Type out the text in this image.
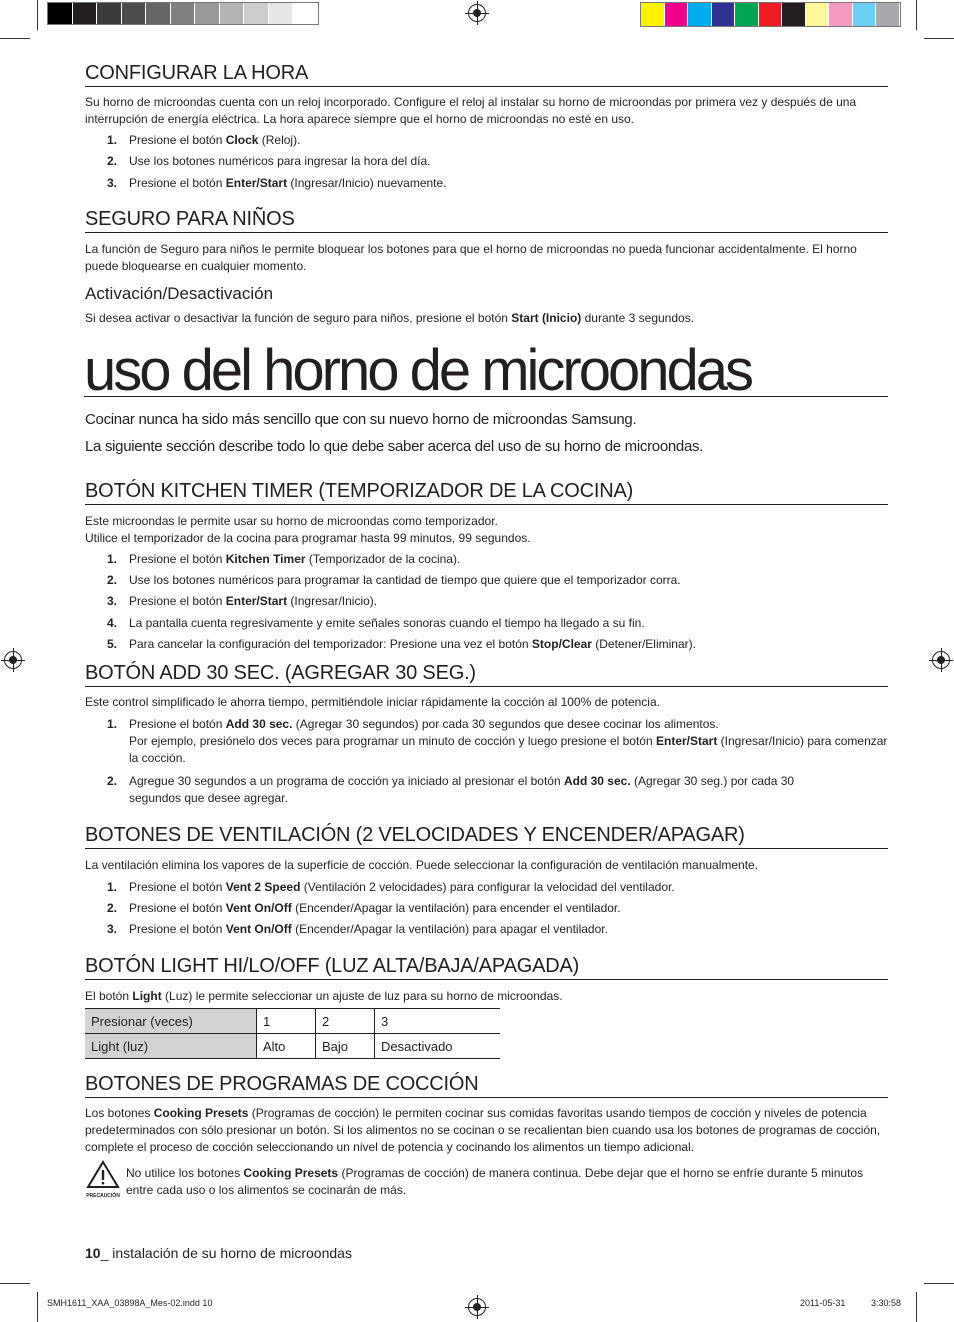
CONFIGURAR LA HORA
Su horno de microondas cuenta con un reloj incorporado. Configure el reloj al instalar su horno de microondas por primera vez y después de una interrupción de energía eléctrica. La hora aparece siempre que el horno de microondas no esté en uso.
1. Presione el botón Clock (Reloj).
2. Use los botones numéricos para ingresar la hora del día.
3. Presione el botón Enter/Start (Ingresar/Inicio) nuevamente.
SEGURO PARA NIÑOS
La función de Seguro para niños le permite bloquear los botones para que el horno de microondas no pueda funcionar accidentalmente. El horno puede bloquearse en cualquier momento.
Activación/Desactivación
Si desea activar o desactivar la función de seguro para niños, presione el botón Start (Inicio) durante 3 segundos.
uso del horno de microondas
Cocinar nunca ha sido más sencillo que con su nuevo horno de microondas Samsung.
La siguiente sección describe todo lo que debe saber acerca del uso de su horno de microondas.
BOTÓN KITCHEN TIMER (TEMPORIZADOR DE LA COCINA)
Este microondas le permite usar su horno de microondas como temporizador.
Utilice el temporizador de la cocina para programar hasta 99 minutos, 99 segundos.
1. Presione el botón Kitchen Timer (Temporizador de la cocina).
2. Use los botones numéricos para programar la cantidad de tiempo que quiere que el temporizador corra.
3. Presione el botón Enter/Start (Ingresar/Inicio).
4. La pantalla cuenta regresivamente y emite señales sonoras cuando el tiempo ha llegado a su fin.
5. Para cancelar la configuración del temporizador: Presione una vez el botón Stop/Clear (Detener/Eliminar).
BOTÓN ADD 30 SEC. (AGREGAR 30 SEG.)
Este control simplificado le ahorra tiempo, permitiéndole iniciar rápidamente la cocción al 100% de potencia.
1. Presione el botón Add 30 sec. (Agregar 30 segundos) por cada 30 segundos que desee cocinar los alimentos.
Por ejemplo, presiónelo dos veces para programar un minuto de cocción y luego presione el botón Enter/Start (Ingresar/Inicio) para comenzar la cocción.
2. Agregue 30 segundos a un programa de cocción ya iniciado al presionar el botón Add 30 sec. (Agregar 30 seg.) por cada 30 segundos que desee agregar.
BOTONES DE VENTILACIÓN (2 VELOCIDADES Y ENCENDER/APAGAR)
La ventilación elimina los vapores de la superficie de cocción. Puede seleccionar la configuración de ventilación manualmente.
1. Presione el botón Vent 2 Speed (Ventilación 2 velocidades) para configurar la velocidad del ventilador.
2. Presione el botón Vent On/Off (Encender/Apagar la ventilación) para encender el ventilador.
3. Presione el botón Vent On/Off (Encender/Apagar la ventilación) para apagar el ventilador.
BOTÓN LIGHT HI/LO/OFF (LUZ ALTA/BAJA/APAGADA)
El botón Light (Luz) le permite seleccionar un ajuste de luz para su horno de microondas.
Presionar (veces)	1	2	3
Light (luz)	Alto	Bajo	Desactivado
BOTONES DE PROGRAMAS DE COCCIÓN
Los botones Cooking Presets (Programas de cocción) le permiten cocinar sus comidas favoritas usando tiempos de cocción y niveles de potencia predeterminados con sólo presionar un botón. Si los alimentos no se cocinan o se recalientan bien cuando usa los botones de programas de cocción, complete el proceso de cocción seleccionando un nivel de potencia y cocinando los alimentos un tiempo adicional.
PRECAUCIÓN
No utilice los botones Cooking Presets (Programas de cocción) de manera continua. Debe dejar que el horno se enfríe durante 5 minutos entre cada uso o los alimentos se cocinarán de más.
10_ instalación de su horno de microondas
SMH1611_XAA_03898A_Mes-02.indd 10	2011-05-31	3:30:58
